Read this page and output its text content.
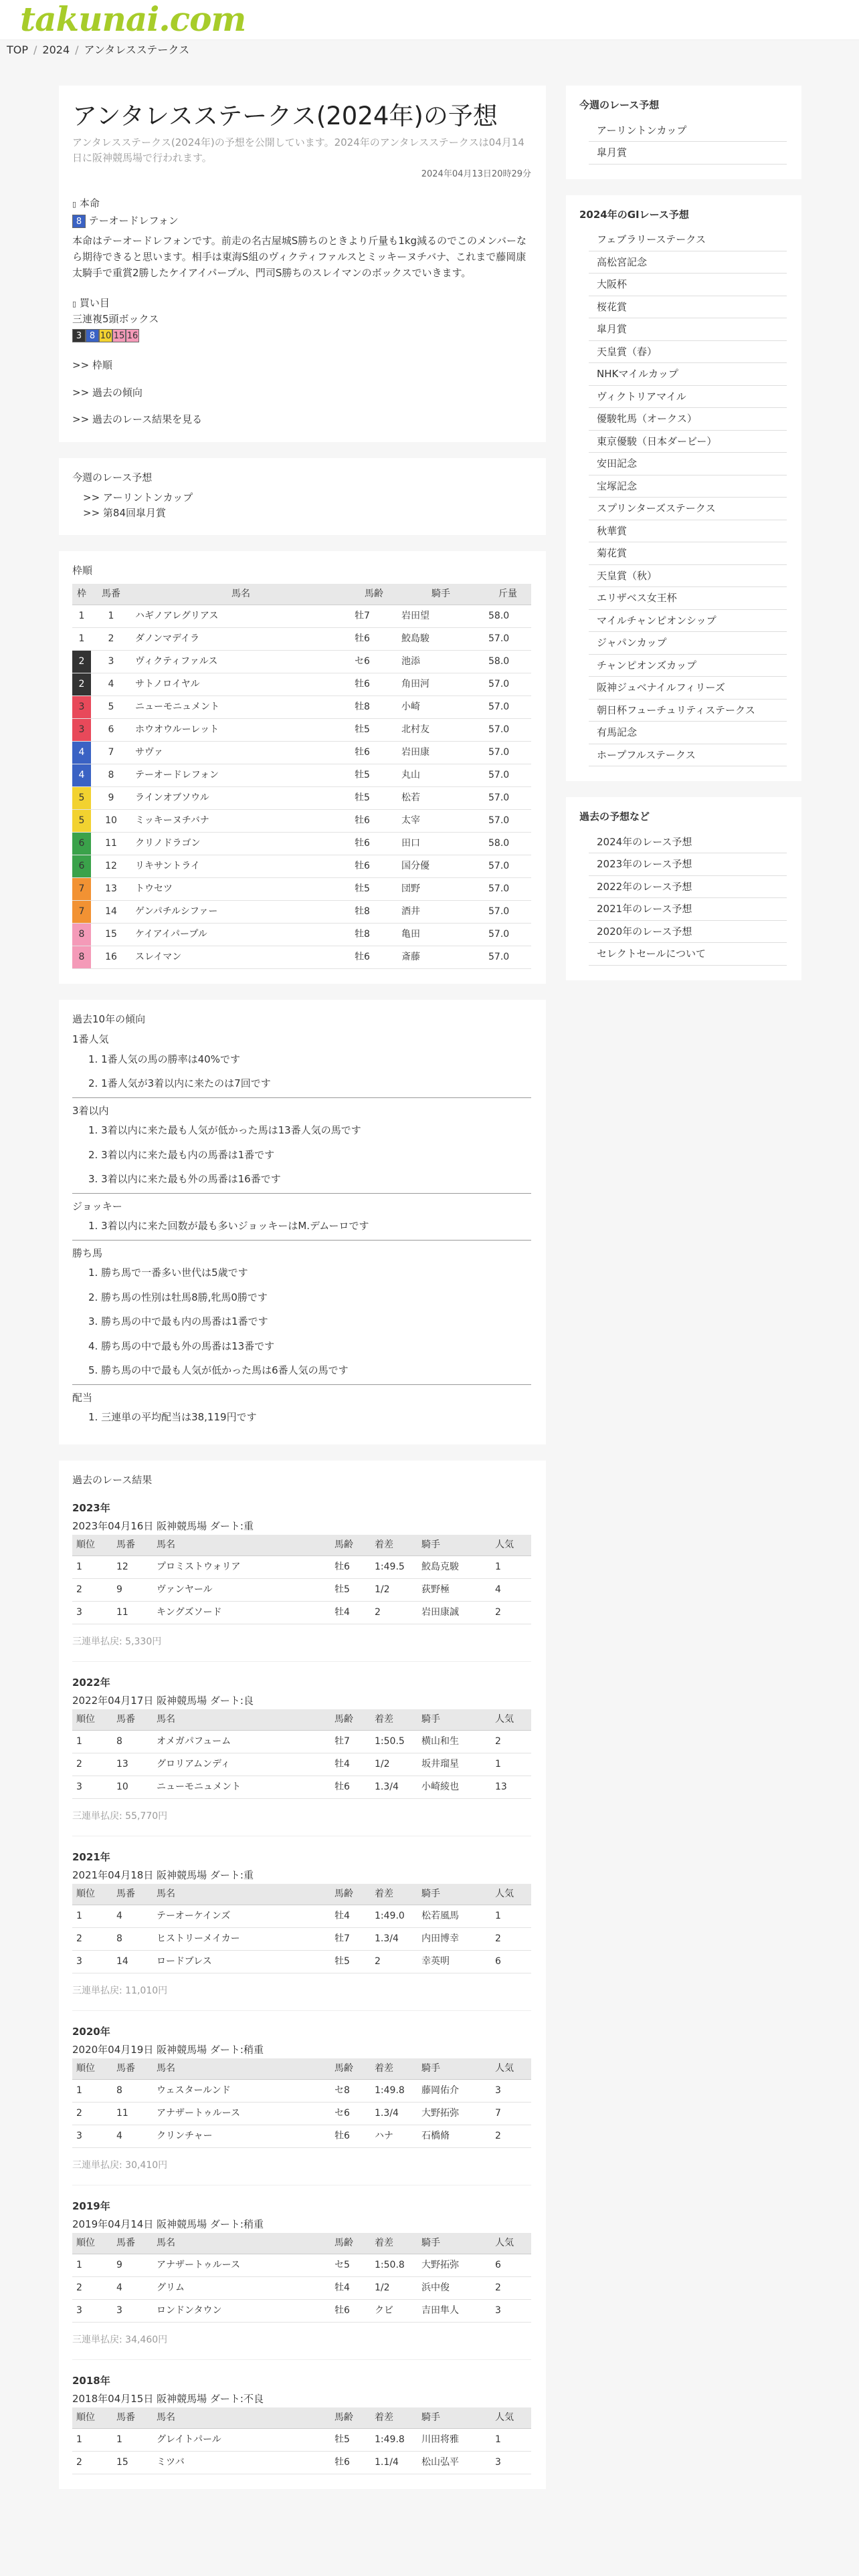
takunai.com
TOP / 2024 / アンタレスステークス
アンタレスステークス(2024年)の予想
アンタレスステークス(2024年)の予想を公開しています。2024年のアンタレスステークスは04月14日に阪神競馬場で行われます。
2024年04月13日20時29分
▯ 本命
8 テーオードレフォン

本命はテーオードレフォンです。前走の名古屋城S勝ちのときより斤量も1kg減るのでこのメンバーなら期待できると思います。相手は東海S組のヴィクティファルスとミッキーヌチバナ、これまで藤岡康太騎手で重賞2勝したケイアイパープル、門司S勝ちのスレイマンのボックスでいきます。

▯ 買い目
三連複5頭ボックス
3 8 10 15 16

>> 枠順

>> 過去の傾向

>> 過去のレース結果を見る

今週のレース予想
>> アーリントンカップ
>> 第84回皐月賞
枠順
枠	馬番	馬名	馬齢	騎手	斤量
1	1	ハギノアレグリアス	牡7	岩田望	58.0
1	2	ダノンマデイラ	牡6	鮫島駿	57.0
2	3	ヴィクティファルス	セ6	池添	58.0
2	4	サトノロイヤル	牡6	角田河	57.0
3	5	ニューモニュメント	牡8	小崎	57.0
3	6	ホウオウルーレット	牡5	北村友	57.0
4	7	サヴァ	牡6	岩田康	57.0
4	8	テーオードレフォン	牡5	丸山	57.0
5	9	ラインオブソウル	牡5	松若	57.0
5	10	ミッキーヌチバナ	牡6	太宰	57.0
6	11	クリノドラゴン	牡6	田口	58.0
6	12	リキサントライ	牡6	国分優	57.0
7	13	トウセツ	牡5	団野	57.0
7	14	ゲンパチルシファー	牡8	酒井	57.0
8	15	ケイアイパープル	牡8	亀田	57.0
8	16	スレイマン	牡6	斎藤	57.0
過去10年の傾向
1番人気
1. 1番人気の馬の勝率は40%です
2. 1番人気が3着以内に来たのは7回です
3着以内
1. 3着以内に来た最も人気が低かった馬は13番人気の馬です
2. 3着以内に来た最も内の馬番は1番です
3. 3着以内に来た最も外の馬番は16番です
ジョッキー
1. 3着以内に来た回数が最も多いジョッキーはM.デムーロです
勝ち馬
1. 勝ち馬で一番多い世代は5歳です
2. 勝ち馬の性別は牡馬8勝,牝馬0勝です
3. 勝ち馬の中で最も内の馬番は1番です
4. 勝ち馬の中で最も外の馬番は13番です
5. 勝ち馬の中で最も人気が低かった馬は6番人気の馬です
配当
1. 三連単の平均配当は38,119円です
過去のレース結果
2023年
2023年04月16日 阪神競馬場 ダート:重
順位	馬番	馬名	馬齢	着差	騎手	人気
1	12	プロミストウォリア	牡6	1:49.5	鮫島克駿	1
2	9	ヴァンヤール	牡5	1/2	荻野極	4
3	11	キングズソード	牡4	2	岩田康誠	2
三連単払戻: 5,330円
2022年
2022年04月17日 阪神競馬場 ダート:良
順位	馬番	馬名	馬齢	着差	騎手	人気
1	8	オメガパフューム	牡7	1:50.5	横山和生	2
2	13	グロリアムンディ	牡4	1/2	坂井瑠星	1
3	10	ニューモニュメント	牡6	1.3/4	小崎綾也	13
三連単払戻: 55,770円
2021年
2021年04月18日 阪神競馬場 ダート:重
順位	馬番	馬名	馬齢	着差	騎手	人気
1	4	テーオーケインズ	牡4	1:49.0	松若風馬	1
2	8	ヒストリーメイカー	牡7	1.3/4	内田博幸	2
3	14	ロードブレス	牡5	2	幸英明	6
三連単払戻: 11,010円
2020年
2020年04月19日 阪神競馬場 ダート:稍重
順位	馬番	馬名	馬齢	着差	騎手	人気
1	8	ウェスタールンド	セ8	1:49.8	藤岡佑介	3
2	11	アナザートゥルース	セ6	1.3/4	大野拓弥	7
3	4	クリンチャー	牡6	ハナ	石橋脩	2
三連単払戻: 30,410円
2019年
2019年04月14日 阪神競馬場 ダート:稍重
順位	馬番	馬名	馬齢	着差	騎手	人気
1	9	アナザートゥルース	セ5	1:50.8	大野拓弥	6
2	4	グリム	牡4	1/2	浜中俊	2
3	3	ロンドンタウン	牡6	クビ	吉田隼人	3
三連単払戻: 34,460円
2018年
2018年04月15日 阪神競馬場 ダート:不良
順位	馬番	馬名	馬齢	着差	騎手	人気
1	1	グレイトパール	牡5	1:49.8	川田将雅	1
2	15	ミツバ	牡6	1.1/4	松山弘平	3
今週のレース予想
アーリントンカップ
皐月賞
2024年のGⅠレース予想
フェブラリーステークス
高松宮記念
大阪杯
桜花賞
皐月賞
天皇賞（春）
NHKマイルカップ
ヴィクトリアマイル
優駿牝馬（オークス）
東京優駿（日本ダービー）
安田記念
宝塚記念
スプリンターズステークス
秋華賞
菊花賞
天皇賞（秋）
エリザベス女王杯
マイルチャンピオンシップ
ジャパンカップ
チャンピオンズカップ
阪神ジュベナイルフィリーズ
朝日杯フューチュリティステークス
有馬記念
ホープフルステークス
過去の予想など
2024年のレース予想
2023年のレース予想
2022年のレース予想
2021年のレース予想
2020年のレース予想
セレクトセールについて
